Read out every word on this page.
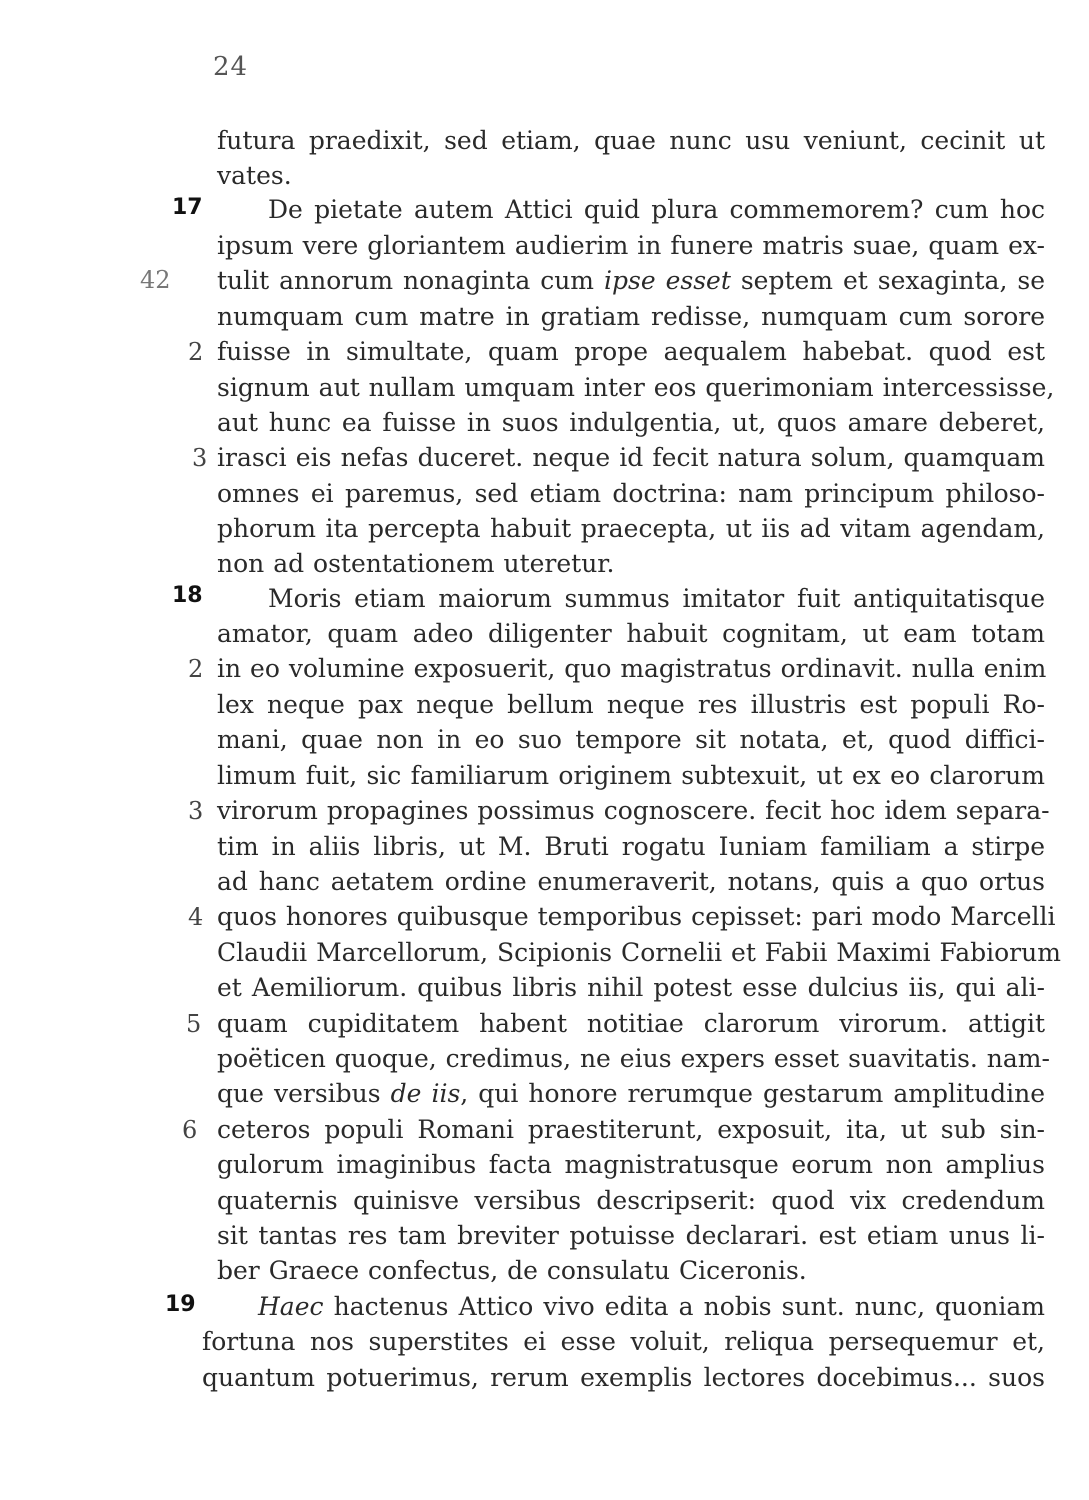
24
futura praedixit, sed etiam, quae nunc usu veniunt, cecinit ut
vates.
17	De pietate autem Attici quid plura commemorem? cum hoc
ipsum vere gloriantem audierim in funere matris suae, quam ex-
42 tulit annorum nonaginta cum ipse esset septem et sexaginta, se
numquam cum matre in gratiam redisse, numquam cum sorore
2 fuisse in simultate, quam prope aequalem habebat. quod est
signum aut nullam umquam inter eos querimoniam intercessisse,
aut hunc ea fuisse in suos indulgentia, ut, quos amare deberet,
3 irasci eis nefas duceret. neque id fecit natura solum, quamquam
omnes ei paremus, sed etiam doctrina: nam principum philoso-
phorum ita percepta habuit praecepta, ut iis ad vitam agendam,
non ad ostentationem uteretur.
18	Moris etiam maiorum summus imitator fuit antiquitatisque
amator, quam adeo diligenter habuit cognitam, ut eam totam
2 in eo volumine exposuerit, quo magistratus ordinavit. nulla enim
lex neque pax neque bellum neque res illustris est populi Ro-
mani, quae non in eo suo tempore sit notata, et, quod diffici-
limum fuit, sic familiarum originem subtexuit, ut ex eo clarorum
3 virorum propagines possimus cognoscere. fecit hoc idem separa-
tim in aliis libris, ut M. Bruti rogatu Iuniam familiam a stirpe
ad hanc aetatem ordine enumeraverit, notans, quis a quo ortus
4 quos honores quibusque temporibus cepisset: pari modo Marcelli
Claudii Marcellorum, Scipionis Cornelii et Fabii Maximi Fabiorum
et Aemiliorum. quibus libris nihil potest esse dulcius iis, qui ali-
5 quam cupiditatem habent notitiae clarorum virorum. attigit
poëticen quoque, credimus, ne eius expers esset suavitatis. nam-
que versibus de iis, qui honore rerumque gestarum amplitudine
6 ceteros populi Romani praestiterunt, exposuit, ita, ut sub sin-
gulorum imaginibus facta magnistratusque eorum non amplius
quaternis quinisve versibus descripserit: quod vix credendum
sit tantas res tam breviter potuisse declarari. est etiam unus li-
ber Graece confectus, de consulatu Ciceronis.
19 Haec hactenus Attico vivo edita a nobis sunt. nunc, quoniam
fortuna nos superstites ei esse voluit, reliqua persequemur et,
quantum potuerimus, rerum exemplis lectores docebimus... suos
